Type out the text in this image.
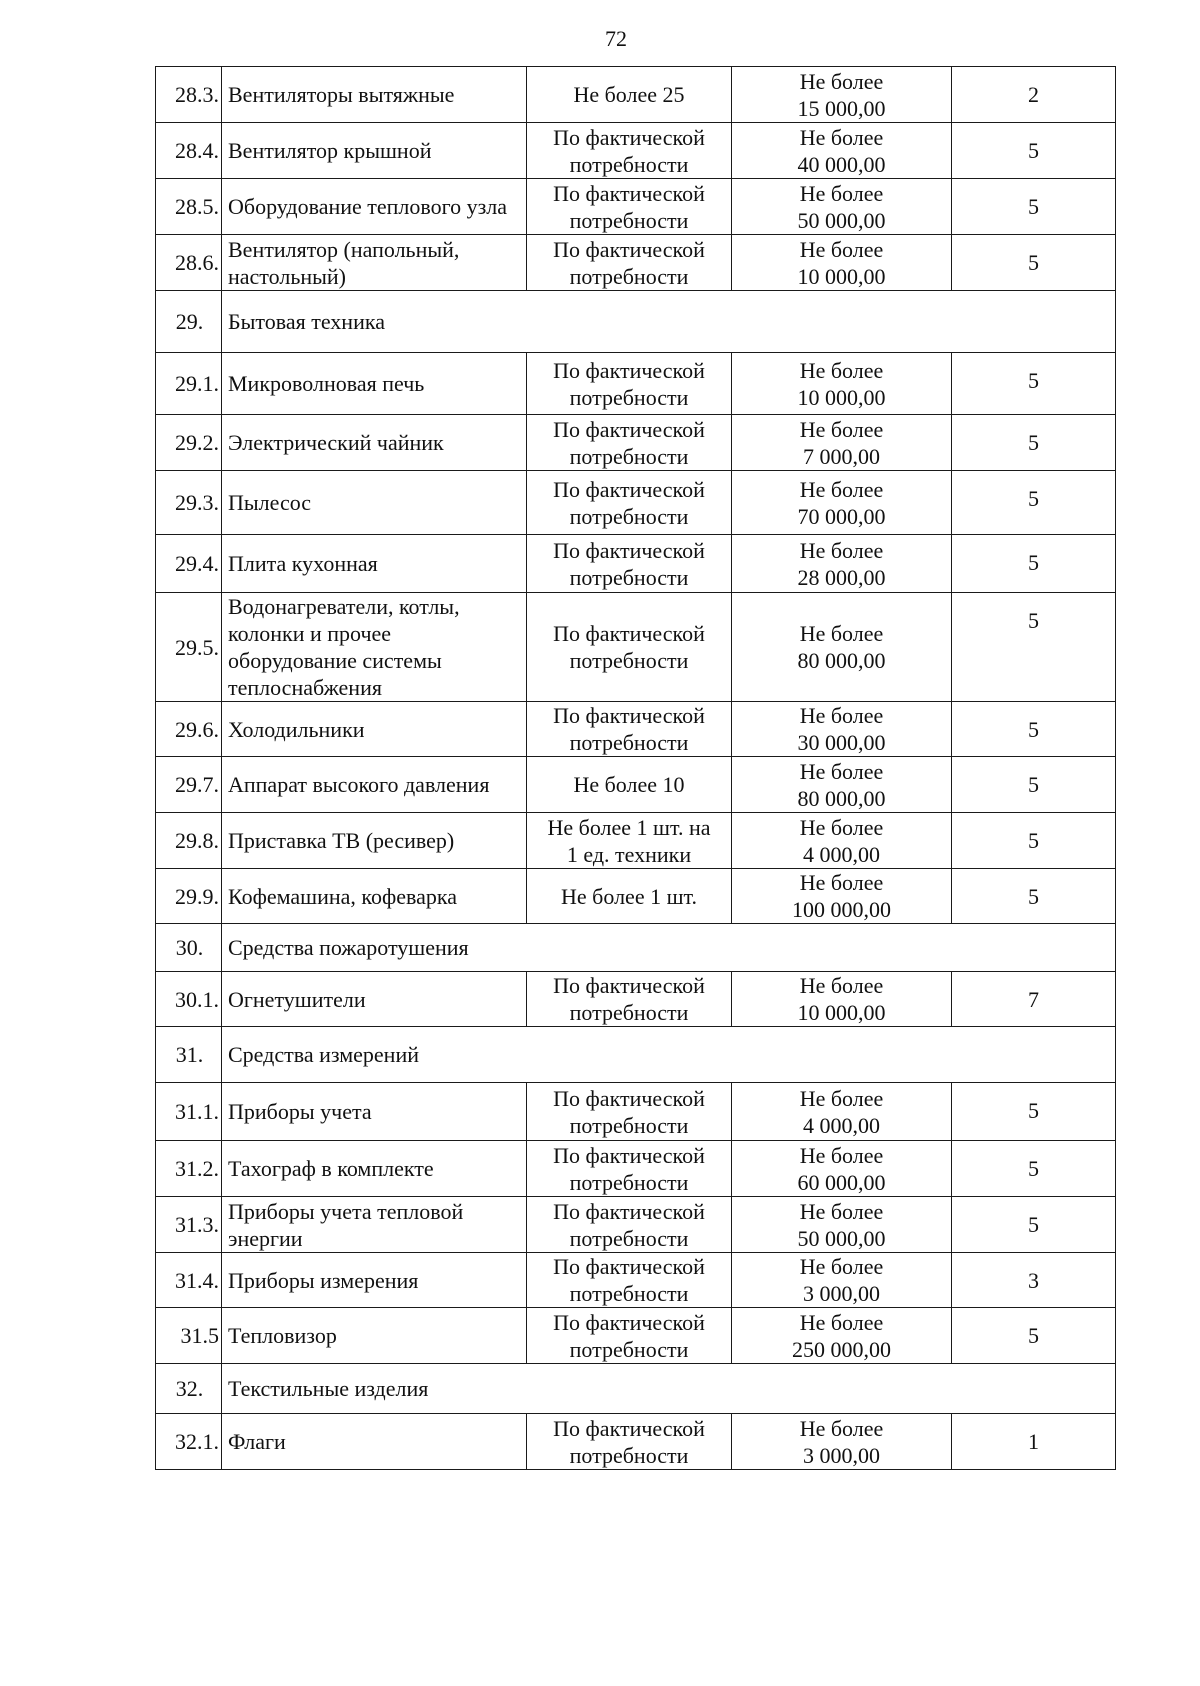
72
28.3.	Вентиляторы вытяжные	Не более 25	Не более
15 000,00	2
28.4.	Вентилятор крышной	По фактической
потребности	Не более
40 000,00	5
28.5.	Оборудование теплового узла	По фактической
потребности	Не более
50 000,00	5
28.6.	Вентилятор (напольный, настольный)	По фактической
потребности	Не более
10 000,00	5
29.	Бытовая техника			
29.1.	Микроволновая печь	По фактической
потребности	Не более
10 000,00	5
29.2.	Электрический чайник	По фактической
потребности	Не более
7 000,00	5
29.3.	Пылесос	По фактической
потребности	Не более
70 000,00	5
29.4.	Плита кухонная	По фактической
потребности	Не более
28 000,00	5
29.5.	Водонагреватели, котлы, колонки и прочее оборудование системы теплоснабжения	По фактической
потребности	Не более
80 000,00	5
29.6.	Холодильники	По фактической
потребности	Не более
30 000,00	5
29.7.	Аппарат высокого давления	Не более 10	Не более
80 000,00	5
29.8.	Приставка ТВ (ресивер)	Не более 1 шт. на
1 ед. техники	Не более
4 000,00	5
29.9.	Кофемашина, кофеварка	Не более 1 шт.	Не более
100 000,00	5
30.	Средства пожаротушения			
30.1.	Огнетушители	По фактической
потребности	Не более
10 000,00	7
31.	Средства измерений			
31.1.	Приборы учета	По фактической
потребности	Не более
4 000,00	5
31.2.	Тахограф в комплекте	По фактической
потребности	Не более
60 000,00	5
31.3.	Приборы учета тепловой энергии	По фактической
потребности	Не более
50 000,00	5
31.4.	Приборы измерения	По фактической
потребности	Не более
3 000,00	3
31.5	Тепловизор	По фактической
потребности	Не более
250 000,00	5
32.	Текстильные изделия			
32.1.	Флаги	По фактической
потребности	Не более
3 000,00	1
